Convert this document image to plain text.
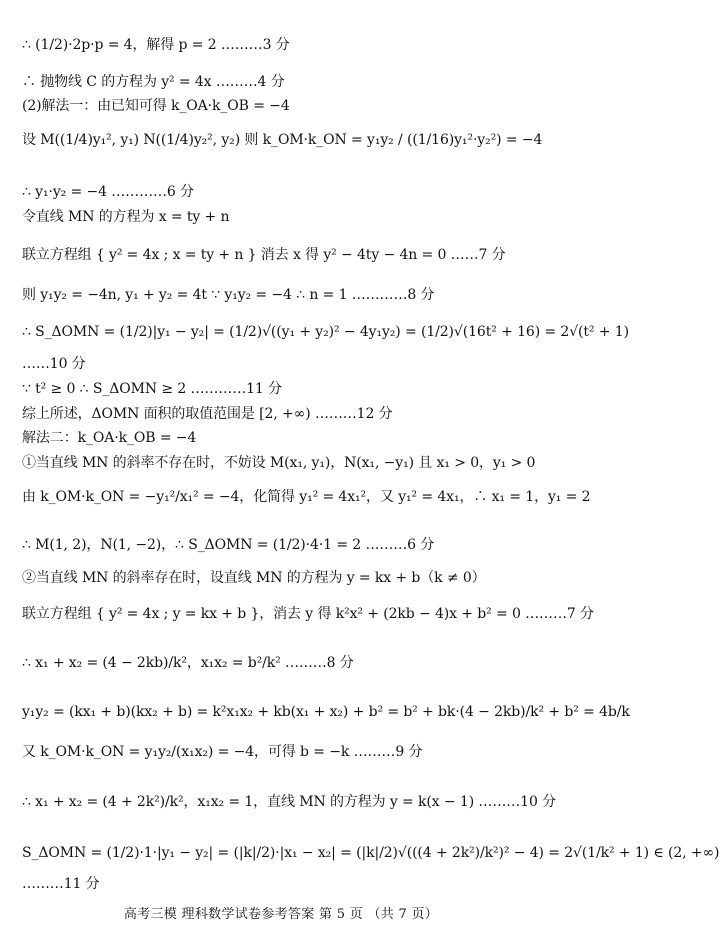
∴ (1/2)·2p·p = 4，解得 p = 2 ………3 分
∴ 抛物线 C 的方程为 y² = 4x ………4 分
(2)解法一：由已知可得 k_OA·k_OB = −4
设 M((1/4)y₁², y₁) N((1/4)y₂², y₂) 则 k_OM·k_ON = y₁y₂ / ((1/16)y₁²·y₂²) = −4
∴ y₁·y₂ = −4 …………6 分
令直线 MN 的方程为 x = ty + n
联立方程组 { y² = 4x ; x = ty + n } 消去 x 得 y² − 4ty − 4n = 0 ……7 分
则 y₁y₂ = −4n, y₁ + y₂ = 4t ∵ y₁y₂ = −4 ∴ n = 1 …………8 分
∴ S_ΔOMN = (1/2)|y₁ − y₂| = (1/2)√((y₁ + y₂)² − 4y₁y₂) = (1/2)√(16t² + 16) = 2√(t² + 1)
……10 分
∵ t² ≥ 0 ∴ S_ΔOMN ≥ 2 …………11 分
综上所述，ΔOMN 面积的取值范围是 [2, +∞) ………12 分
解法二：k_OA·k_OB = −4
①当直线 MN 的斜率不存在时，不妨设 M(x₁, y₁)，N(x₁, −y₁) 且 x₁ > 0，y₁ > 0
由 k_OM·k_ON = −y₁²/x₁² = −4，化简得 y₁² = 4x₁²，又 y₁² = 4x₁，∴ x₁ = 1，y₁ = 2
∴ M(1, 2)，N(1, −2)，∴ S_ΔOMN = (1/2)·4·1 = 2 ………6 分
②当直线 MN 的斜率存在时，设直线 MN 的方程为 y = kx + b（k ≠ 0）
联立方程组 { y² = 4x ; y = kx + b }，消去 y 得 k²x² + (2kb − 4)x + b² = 0 ………7 分
∴ x₁ + x₂ = (4 − 2kb)/k²，x₁x₂ = b²/k² ………8 分
y₁y₂ = (kx₁ + b)(kx₂ + b) = k²x₁x₂ + kb(x₁ + x₂) + b² = b² + bk·(4 − 2kb)/k² + b² = 4b/k
又 k_OM·k_ON = y₁y₂/(x₁x₂) = −4，可得 b = −k ………9 分
∴ x₁ + x₂ = (4 + 2k²)/k²，x₁x₂ = 1，直线 MN 的方程为 y = k(x − 1) ………10 分
S_ΔOMN = (1/2)·1·|y₁ − y₂| = (|k|/2)·|x₁ − x₂| = (|k|/2)√(((4 + 2k²)/k²)² − 4) = 2√(1/k² + 1) ∈ (2, +∞)
………11 分
高考三模 理科数学试卷参考答案 第 5 页 （共 7 页）
